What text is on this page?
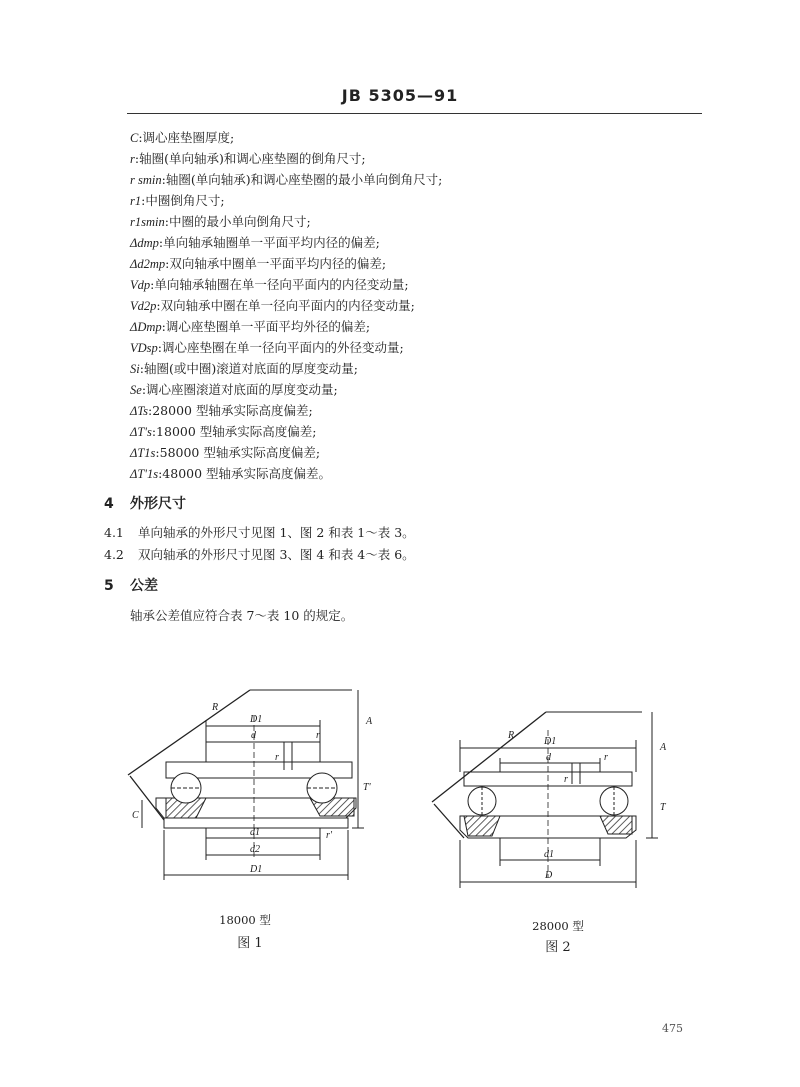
JB 5305—91
C:调心座垫圈厚度;
r:轴圈(单向轴承)和调心座垫圈的倒角尺寸;
r smin:轴圈(单向轴承)和调心座垫圈的最小单向倒角尺寸;
r1:中圈倒角尺寸;
r1smin:中圈的最小单向倒角尺寸;
Δdmp:单向轴承轴圈单一平面平均内径的偏差;
Δd2mp:双向轴承中圈单一平面平均内径的偏差;
Vdp:单向轴承轴圈在单一径向平面内的内径变动量;
Vd2p:双向轴承中圈在单一径向平面内的内径变动量;
ΔDmp:调心座垫圈单一平面平均外径的偏差;
VDsp:调心座垫圈在单一径向平面内的外径变动量;
Si:轴圈(或中圈)滚道对底面的厚度变动量;
Se:调心座圈滚道对底面的厚度变动量;
ΔTs:28000 型轴承实际高度偏差;
ΔT's:18000 型轴承实际高度偏差;
ΔT1s:58000 型轴承实际高度偏差;
ΔT'1s:48000 型轴承实际高度偏差。
4 外形尺寸
4.1 单向轴承的外形尺寸见图 1、图 2 和表 1～表 3。
4.2 双向轴承的外形尺寸见图 3、图 4 和表 4～表 6。
5 公差
轴承公差值应符合表 7～表 10 的规定。
R
D1	A
d	r
r
T'
C
d1	r'
d2
D1
18000 型
图 1
R
D1
A
d	r
r
T
d1
D
28000 型
图 2
475
